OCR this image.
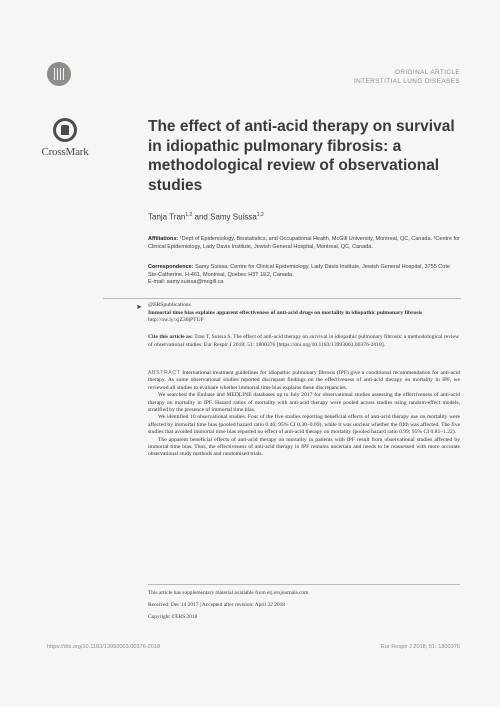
ORIGINAL ARTICLE
INTERSTITIAL LUNG DISEASES
CrossMark
The effect of anti-acid therapy on survival in idiopathic pulmonary fibrosis: a methodological review of observational studies
Tanja Tran$^{1,2}$ and Samy Suissa$^{1,2}$
Affiliations: ¹Dept of Epidemiology, Biostatistics, and Occupational Health, McGill University, Montreal, QC, Canada. ²Centre for Clinical Epidemiology, Lady Davis Institute, Jewish General Hospital, Montreal, QC, Canada.
Correspondence: Samy Suissa, Centre for Clinical Epidemiology, Lady Davis Institute, Jewish General Hospital, 3755 Cote Ste-Catherine, H-461, Montreal, Quebec H3T 1E2, Canada.
E-mail: samy.suissa@mcgill.ca
➤ @ERSpublications
Immortal time bias explains apparent effectiveness of anti-acid drugs on mortality in idiopathic pulmonary fibrosis http://ow.ly/xjZ30jPTUF
Cite this article as: Tran T, Suissa S. The effect of anti-acid therapy on survival in idiopathic pulmonary fibrosis: a methodological review of observational studies. Eur Respir J 2018; 51: 1800376 [https://doi.org/10.1183/13993003.00376-2018].

ABSTRACT International treatment guidelines for idiopathic pulmonary fibrosis (IPF) give a conditional recommendation for anti-acid therapy. As some observational studies reported discrepant findings on the effectiveness of anti-acid therapy on mortality in IPF, we reviewed all studies to evaluate whether immortal time bias explains these discrepancies.

We searched the Embase and MEDLINE databases up to July 2017 for observational studies assessing the effectiveness of anti-acid therapy on mortality in IPF. Hazard ratios of mortality with anti-acid therapy were pooled across studies using random-effect models, stratified by the presence of immortal time bias.

We identified 10 observational studies. Four of the five studies reporting beneficial effects of anti-acid therapy use on mortality were affected by immortal time bias (pooled hazard ratio 0.46; 95% CI 0.30–0.69), while it was unclear whether the fifth was affected. The five studies that avoided immortal time bias reported no effect of anti-acid therapy on mortality (pooled hazard ratio 0.99; 95% CI 0.81–1.22).

The apparent beneficial effects of anti-acid therapy on mortality in patients with IPF result from observational studies affected by immortal time bias. Thus, the effectiveness of anti-acid therapy in IPF remains uncertain and needs to be reassessed with more accurate observational study methods and randomised trials.

This article has supplementary material available from erj.ersjournals.com
Received: Dec 14 2017 | Accepted after revision: April 22 2018
Copyright ©ERS 2018
https://doi.org/10.1183/13993003.00376-2018	Eur Respir J 2018; 51: 1800376
